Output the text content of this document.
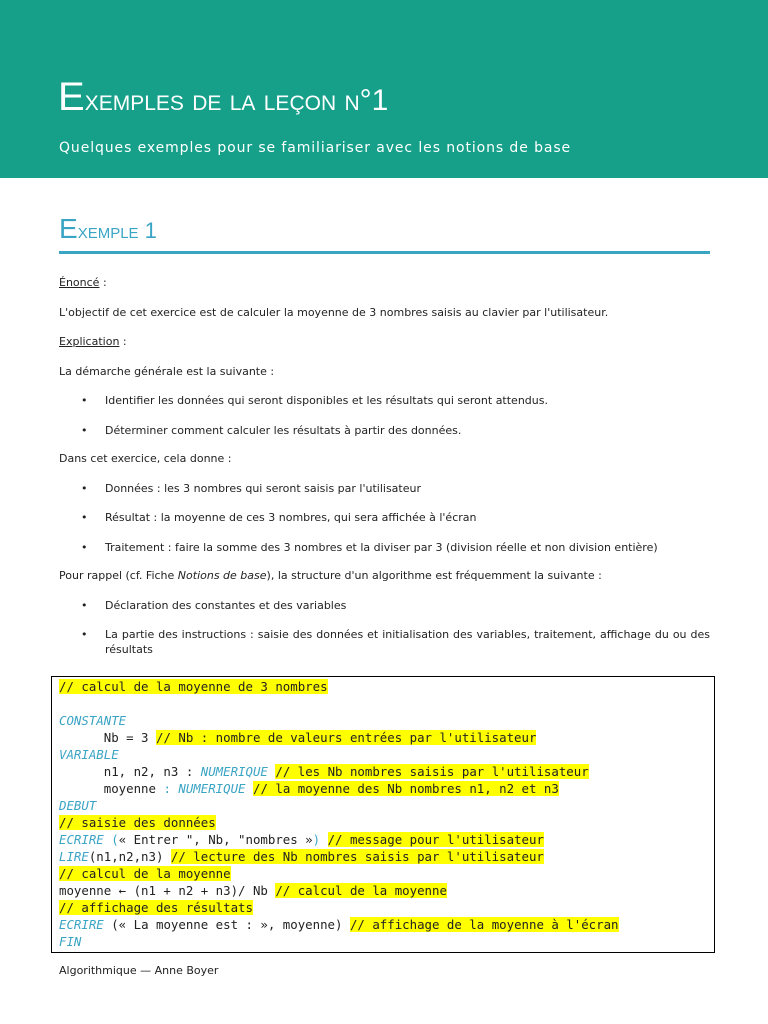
Exemples de la leçon n°1
Quelques exemples pour se familiariser avec les notions de base
Exemple 1

Énoncé :

L'objectif de cet exercice est de calculer la moyenne de 3 nombres saisis au clavier par l'utilisateur.

Explication :

La démarche générale est la suivante :

• Identifier les données qui seront disponibles et les résultats qui seront attendus.
• Déterminer comment calculer les résultats à partir des données.

Dans cet exercice, cela donne :

• Données : les 3 nombres qui seront saisis par l'utilisateur
• Résultat : la moyenne de ces 3 nombres, qui sera affichée à l'écran
• Traitement : faire la somme des 3 nombres et la diviser par 3 (division réelle et non division entière)

Pour rappel (cf. Fiche Notions de base), la structure d'un algorithme est fréquemment la suivante :

• Déclaration des constantes et des variables
• La partie des instructions : saisie des données et initialisation des variables, traitement, affichage du ou des résultats
// calcul de la moyenne de 3 nombres
CONSTANTE
Nb = 3 // Nb : nombre de valeurs entrées par l'utilisateur
VARIABLE
n1, n2, n3 : NUMERIQUE // les Nb nombres saisis par l'utilisateur
moyenne : NUMERIQUE // la moyenne des Nb nombres n1, n2 et n3
DEBUT
// saisie des données
ECRIRE (« Entrer ", Nb, "nombres ») // message pour l'utilisateur
LIRE(n1,n2,n3) // lecture des Nb nombres saisis par l'utilisateur
// calcul de la moyenne
moyenne ← (n1 + n2 + n3)/ Nb // calcul de la moyenne
// affichage des résultats
ECRIRE (« La moyenne est : », moyenne) // affichage de la moyenne à l'écran
FIN
Algorithmique — Anne Boyer
